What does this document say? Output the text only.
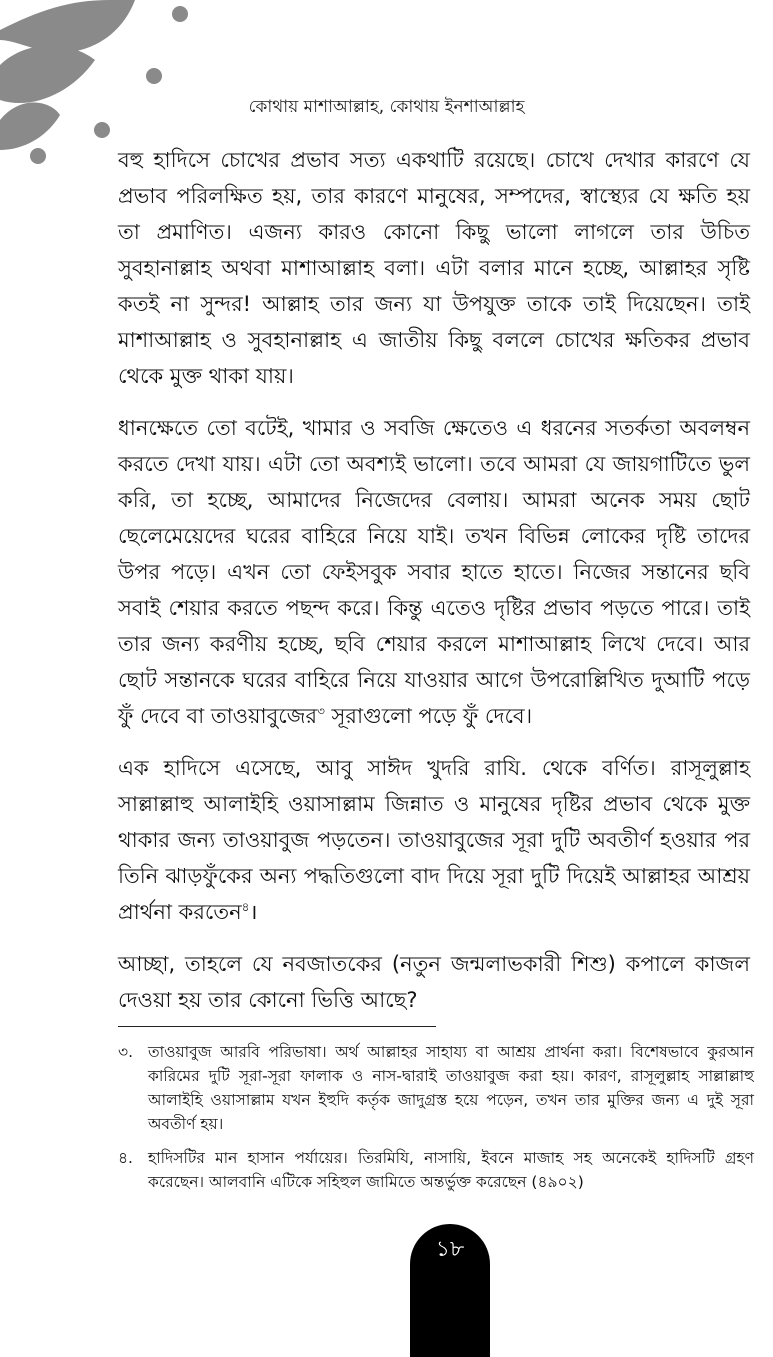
কোথায় মাশাআল্লাহ, কোথায় ইনশাআল্লাহ

বহু হাদিসে চোখের প্রভাব সত্য একথাটি রয়েছে। চোখে দেখার কারণে যে প্রভাব পরিলক্ষিত হয়, তার কারণে মানুষের, সম্পদের, স্বাস্থ্যের যে ক্ষতি হয় তা প্রমাণিত। এজন্য কারও কোনো কিছু ভালো লাগলে তার উচিত সুবহানাল্লাহ অথবা মাশাআল্লাহ বলা। এটা বলার মানে হচ্ছে, আল্লাহর সৃষ্টি কতই না সুন্দর! আল্লাহ তার জন্য যা উপযুক্ত তাকে তাই দিয়েছেন। তাই মাশাআল্লাহ ও সুবহানাল্লাহ এ জাতীয় কিছু বললে চোখের ক্ষতিকর প্রভাব থেকে মুক্ত থাকা যায়।

ধানক্ষেতে তো বটেই, খামার ও সবজি ক্ষেতেও এ ধরনের সতর্কতা অবলম্বন করতে দেখা যায়। এটা তো অবশ্যই ভালো। তবে আমরা যে জায়গাটিতে ভুল করি, তা হচ্ছে, আমাদের নিজেদের বেলায়। আমরা অনেক সময় ছোট ছেলেমেয়েদের ঘরের বাহিরে নিয়ে যাই। তখন বিভিন্ন লোকের দৃষ্টি তাদের উপর পড়ে। এখন তো ফেইসবুক সবার হাতে হাতে। নিজের সন্তানের ছবি সবাই শেয়ার করতে পছন্দ করে। কিন্তু এতেও দৃষ্টির প্রভাব পড়তে পারে। তাই তার জন্য করণীয় হচ্ছে, ছবি শেয়ার করলে মাশাআল্লাহ লিখে দেবে। আর ছোট সন্তানকে ঘরের বাহিরে নিয়ে যাওয়ার আগে উপরোল্লিখিত দুআটি পড়ে ফুঁ দেবে বা তাওয়াবুজের$^৩$ সূরাগুলো পড়ে ফুঁ দেবে।

এক হাদিসে এসেছে, আবু সাঈদ খুদরি রাযি. থেকে বর্ণিত। রাসূলুল্লাহ সাল্লাল্লাহু আলাইহি ওয়াসাল্লাম জিন্নাত ও মানুষের দৃষ্টির প্রভাব থেকে মুক্ত থাকার জন্য তাওয়াবুজ পড়তেন। তাওয়াবুজের সূরা দুটি অবতীর্ণ হওয়ার পর তিনি ঝাড়ফুঁকের অন্য পদ্ধতিগুলো বাদ দিয়ে সূরা দুটি দিয়েই আল্লাহর আশ্রয় প্রার্থনা করতেন$^৪$।

আচ্ছা, তাহলে যে নবজাতকের (নতুন জন্মলাভকারী শিশু) কপালে কাজল দেওয়া হয় তার কোনো ভিত্তি আছে?

৩. তাওয়াবুজ আরবি পরিভাষা। অর্থ আল্লাহর সাহায্য বা আশ্রয় প্রার্থনা করা। বিশেষভাবে কুরআন কারিমের দুটি সূরা-সূরা ফালাক ও নাস-দ্বারাই তাওয়াবুজ করা হয়। কারণ, রাসূলুল্লাহ সাল্লাল্লাহু আলাইহি ওয়াসাল্লাম যখন ইহুদি কর্তৃক জাদুগ্রস্ত হয়ে পড়েন, তখন তার মুক্তির জন্য এ দুই সূরা অবতীর্ণ হয়।
৪. হাদিসটির মান হাসান পর্যায়ের। তিরমিযি, নাসায়ি, ইবনে মাজাহ সহ অনেকেই হাদিসটি গ্রহণ করেছেন। আলবানি এটিকে সহিহুল জামিতে অন্তর্ভুক্ত করেছেন (৪৯০২)
১৮
